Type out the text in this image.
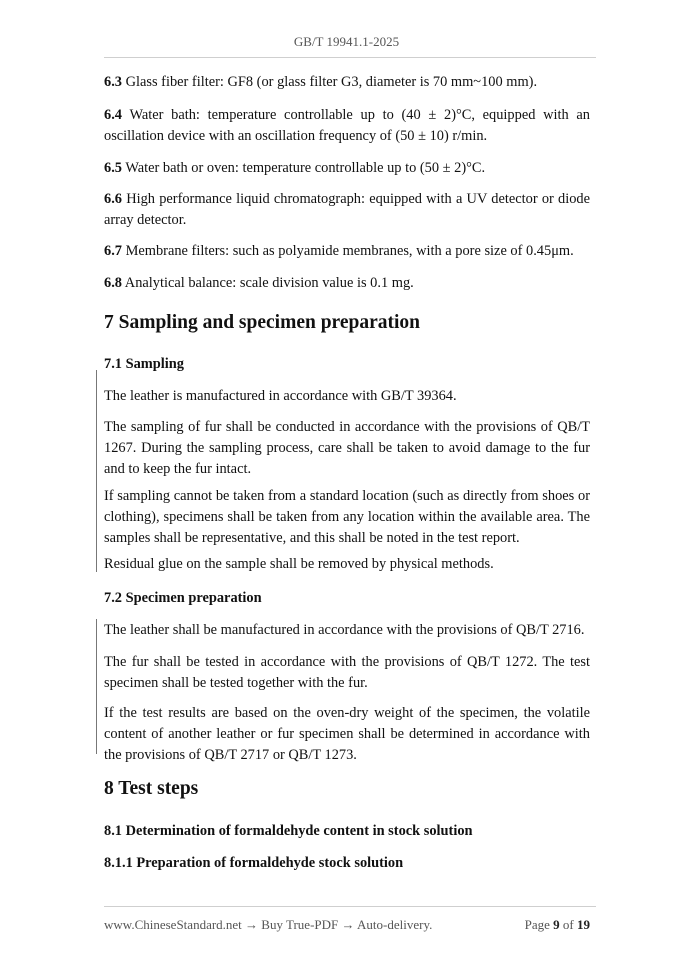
GB/T 19941.1-2025

6.3 Glass fiber filter: GF8 (or glass filter G3, diameter is 70 mm~100 mm).

6.4 Water bath: temperature controllable up to (40 ± 2)°C, equipped with an oscillation device with an oscillation frequency of (50 ± 10) r/min.

6.5 Water bath or oven: temperature controllable up to (50 ± 2)°C.

6.6 High performance liquid chromatograph: equipped with a UV detector or diode array detector.

6.7 Membrane filters: such as polyamide membranes, with a pore size of 0.45μm.

6.8 Analytical balance: scale division value is 0.1 mg.

7 Sampling and specimen preparation
7.1 Sampling

The leather is manufactured in accordance with GB/T 39364.

The sampling of fur shall be conducted in accordance with the provisions of QB/T 1267. During the sampling process, care shall be taken to avoid damage to the fur and to keep the fur intact.

If sampling cannot be taken from a standard location (such as directly from shoes or clothing), specimens shall be taken from any location within the available area. The samples shall be representative, and this shall be noted in the test report.

Residual glue on the sample shall be removed by physical methods.

7.2 Specimen preparation

The leather shall be manufactured in accordance with the provisions of QB/T 2716.

The fur shall be tested in accordance with the provisions of QB/T 1272. The test specimen shall be tested together with the fur.

If the test results are based on the oven-dry weight of the specimen, the volatile content of another leather or fur specimen shall be determined in accordance with the provisions of QB/T 2717 or QB/T 1273.

8 Test steps
8.1 Determination of formaldehyde content in stock solution
8.1.1 Preparation of formaldehyde stock solution
www.ChineseStandard.net → Buy True-PDF → Auto-delivery.	Page 9 of 19
